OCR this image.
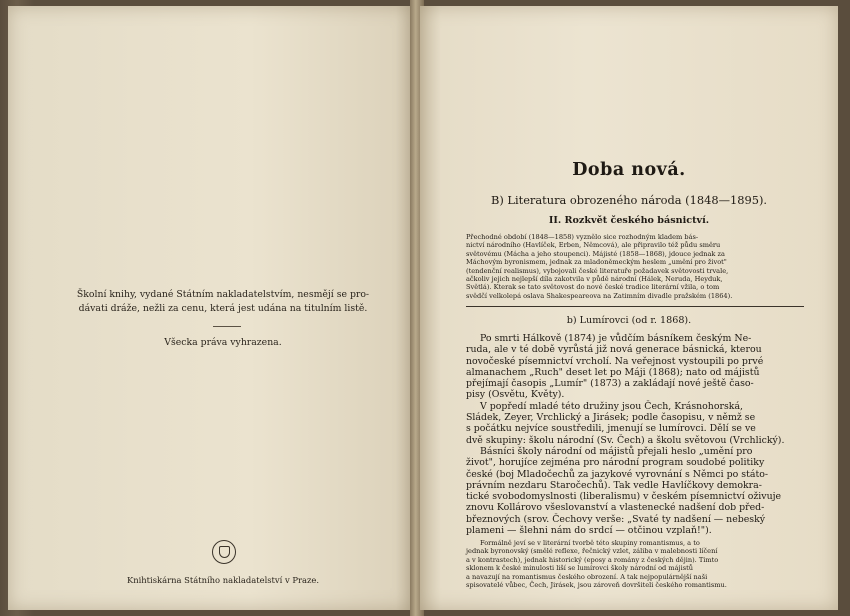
Školní knihy, vydané Státním nakladatelstvím, nesmějí se pro-
dávati dráže, nežli za cenu, která jest udána na titulním listě.
Všecka práva vyhrazena.
Knihtiskárna Státního nakladatelství v Praze.
Doba nová.
B) Literatura obrozeného národa (1848—1895).
II. Rozkvět českého básnictví.
Přechodné období (1848—1858) vyznělo sice rozhodným kladem bás-
nictví národního (Havlíček, Erben, Němcová), ale připravilo též půdu směru
světovému (Mácha a jeho stoupenci). Májisté (1858—1868), jdouce jednak za
Máchovým byronismem, jednak za mladoněmeckým heslem „umění pro život"
(tendenční realismus), vybojovali české literatuře požadavek světovosti trvale,
ačkoliv jejich nejlepší díla zakotvila v půdě národní (Hálek, Neruda, Heyduk,
Světlá). Kterak se tato světovost do nové české tradice literární vžila, o tom
svědčí velkolepá oslava Shakespeareova na Zatimním divadle pražském (1864).
b) Lumírovci (od r. 1868).
Po smrti Hálkově (1874) je vůdčím básníkem českým Ne-
ruda, ale v té době vyrůstá již nová generace básnická, kterou
novočeské písemnictví vrcholí. Na veřejnost vystoupili po prvé
almanachem „Ruch" deset let po Máji (1868); nato od májistů
přejímají časopis „Lumír" (1873) a zakládají nové ještě časo-
pisy (Osvětu, Květy).
V popředí mladé této družiny jsou Čech, Krásnohorská,
Sládek, Zeyer, Vrchlický a Jirásek; podle časopisu, v němž se
s počátku nejvíce soustředili, jmenují se lumírovci. Dělí se ve
dvě skupiny: školu národní (Sv. Čech) a školu světovou (Vrchlický).
Básníci školy národní od májistů přejali heslo „umění pro
život", horujíce zejména pro národní program soudobé politiky
české (boj Mladočechů za jazykové vyrovnání s Němci po státo-
právním nezdaru Staročechů). Tak vedle Havlíčkovy demokra-
tické svobodomyslnosti (liberalismu) v českém písemnictví oživuje
znovu Kollárovo všeslovanství a vlastenecké nadšení dob před-
březnových (srov. Čechovy verše: „Svaté ty nadšení — nebeský
plameni — šlehni nám do srdcí — otčinou vzplaň!").
Formálně jeví se v literární tvorbě této skupiny romantismus, a to
jednak byronovský (smělé reflexe, řečnický vzlet, záliba v malebnosti líčení
a v kontrastech), jednak historický (eposy a romány z českých dějin). Timto
sklonem k české minulosti liší se lumírovci školy národní od májistů
a navazují na romantismus českého obrození. A tak nejpopulárnější naši
spisovatelé vůbec, Čech, Jirásek, jsou zároveň dovršiteli českého romantismu.
